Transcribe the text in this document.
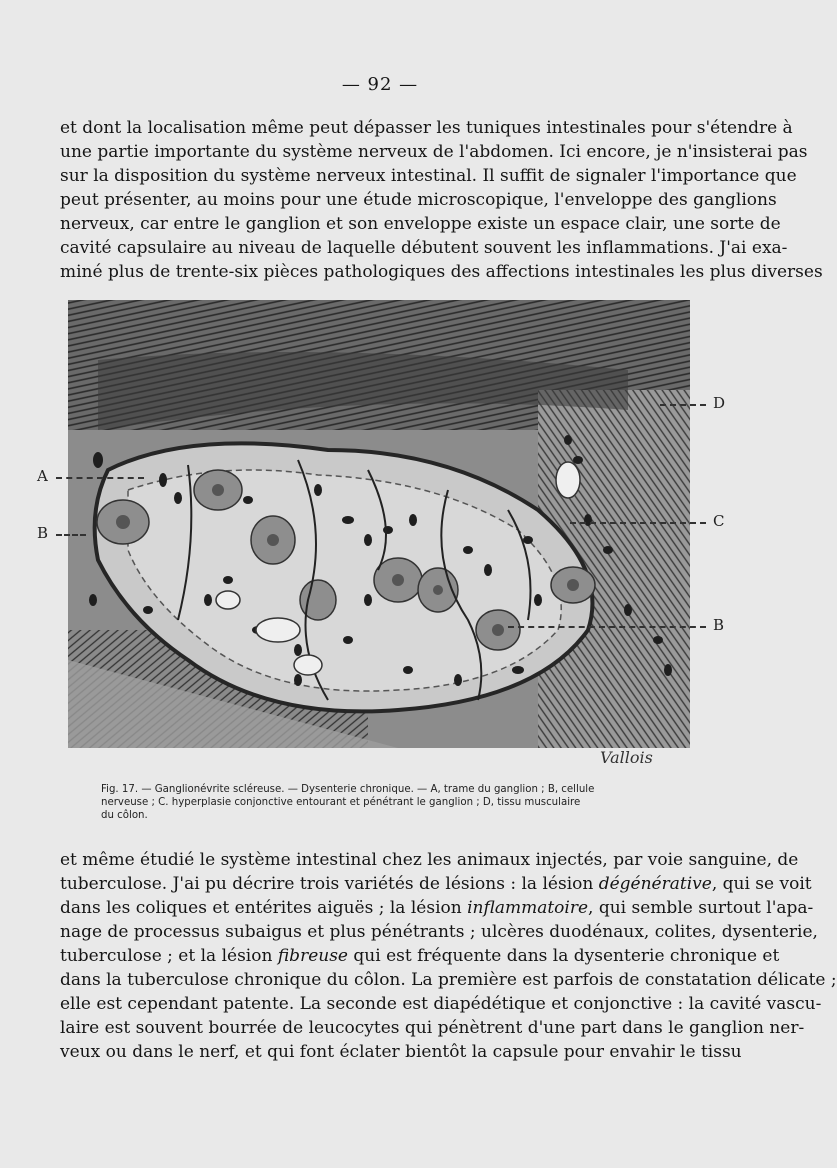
— 92 —

et dont la localisation même peut dépasser les tuniques intestinales pour s'étendre à
une partie importante du système nerveux de l'abdomen. Ici encore, je n'insisterai pas
sur la disposition du système nerveux intestinal. Il suffit de signaler l'importance que
peut présenter, au moins pour une étude microscopique, l'enveloppe des ganglions
nerveux, car entre le ganglion et son enveloppe existe un espace clair, une sorte de
cavité capsulaire au niveau de laquelle débutent souvent les inflammations. J'ai exa-
miné plus de trente-six pièces pathologiques des affections intestinales les plus diverses

A
B
D
C
B
Vallois

Fig. 17. — Ganglionévrite scléreuse. — Dysenterie chronique. — A, trame du ganglion ; B, cellule
nerveuse ; C. hyperplasie conjonctive entourant et pénétrant le ganglion ; D, tissu musculaire
du côlon.

et même étudié le système intestinal chez les animaux injectés, par voie sanguine, de
tuberculose. J'ai pu décrire trois variétés de lésions : la lésion dégénérative, qui se voit
dans les coliques et entérites aiguës ; la lésion inflammatoire, qui semble surtout l'apa-
nage de processus subaigus et plus pénétrants ; ulcères duodénaux, colites, dysenterie,
tuberculose ; et la lésion fibreuse qui est fréquente dans la dysenterie chronique et
dans la tuberculose chronique du côlon. La première est parfois de constatation délicate ;
elle est cependant patente. La seconde est diapédétique et conjonctive : la cavité vascu-
laire est souvent bourrée de leucocytes qui pénètrent d'une part dans le ganglion ner-
veux ou dans le nerf, et qui font éclater bientôt la capsule pour envahir le tissu
